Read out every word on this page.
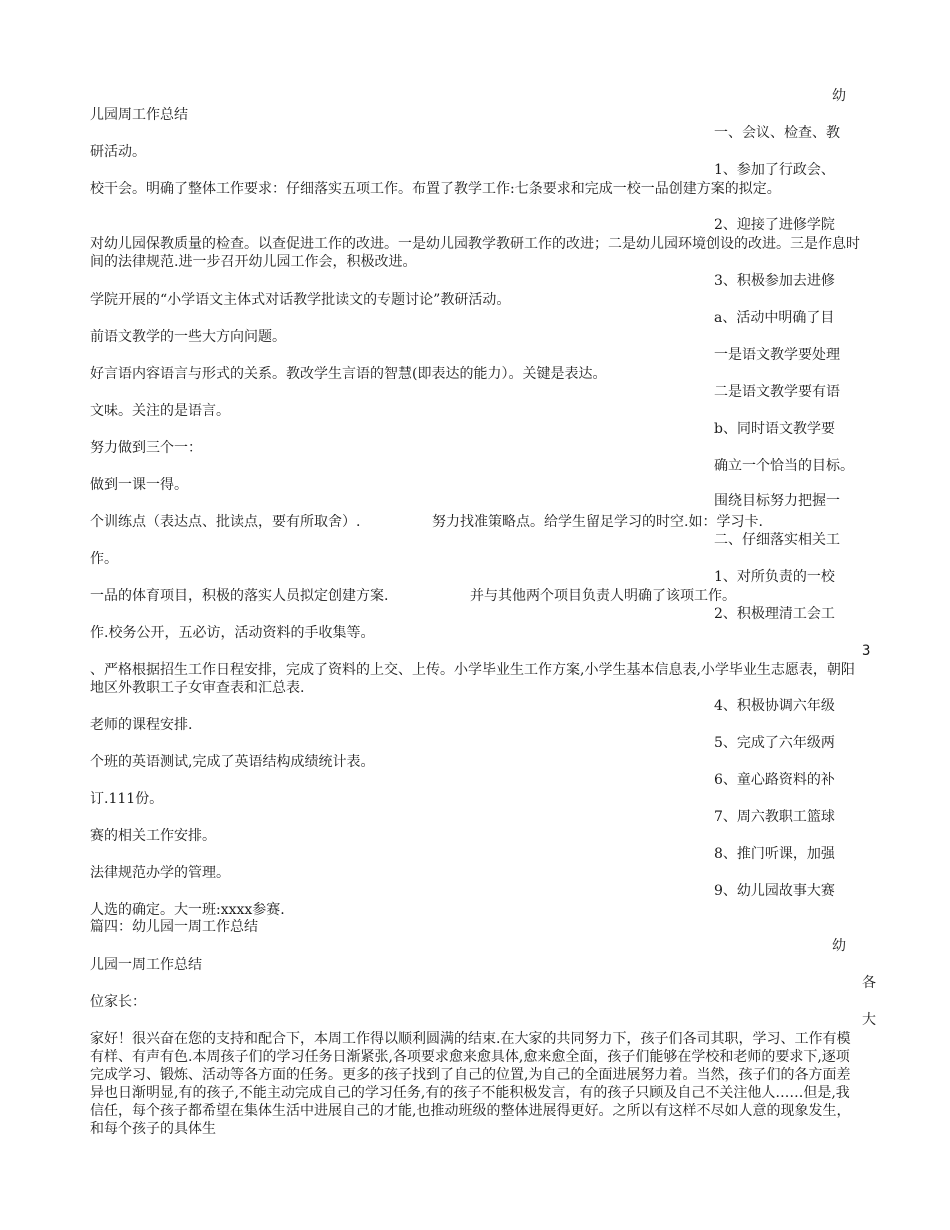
幼
一、会议、检查、教
1、参加了行政会、
2、迎接了进修学院
3、积极参加去进修
a、活动中明确了目
一是语文教学要处理
二是语文教学要有语
b、同时语文教学要
确立一个恰当的目标。
围绕目标努力把握一
二、仔细落实相关工
1、对所负责的一校
2、积极理清工会工
3
4、积极协调六年级
5、完成了六年级两
6、童心路资料的补
7、周六教职工篮球
8、推门听课，加强
9、幼儿园故事大赛
幼
各
大
儿园周工作总结
研活动。
校干会。明确了整体工作要求：仔细落实五项工作。布置了教学工作:七条要求和完成一校一品创建方案的拟定。
对幼儿园保教质量的检查。以查促进工作的改进。一是幼儿园教学教研工作的改进；二是幼儿园环境创设的改进。三是作息时间的法律规范.进一步召开幼儿园工作会，积极改进。
学院开展的“小学语文主体式对话教学批读文的专题讨论”教研活动。
前语文教学的一些大方向问题。
好言语内容语言与形式的关系。教改学生言语的智慧(即表达的能力）。关键是表达。
文味。关注的是语言。
努力做到三个一：
做到一课一得。
个训练点（表达点、批读点，要有所取舍）.	努力找准策略点。给学生留足学习的时空.如：学习卡.
作。
一品的体育项目，积极的落实人员拟定创建方案.	并与其他两个项目负责人明确了该项工作。
作.校务公开，五必访，活动资料的手收集等。
、严格根据招生工作日程安排，完成了资料的上交、上传。小学毕业生工作方案,小学生基本信息表,小学毕业生志愿表，朝阳地区外教职工子女审查表和汇总表.
老师的课程安排.
个班的英语测试,完成了英语结构成绩统计表。
订.111份。
赛的相关工作安排。
法律规范办学的管理。
人选的确定。大一班:xxxx参赛.
篇四：幼儿园一周工作总结
儿园一周工作总结
位家长：
家好！很兴奋在您的支持和配合下，本周工作得以顺利圆满的结束.在大家的共同努力下，孩子们各司其职，学习、工作有模有样、有声有色.本周孩子们的学习任务日渐紧张,各项要求愈来愈具体,愈来愈全面，孩子们能够在学校和老师的要求下,逐项完成学习、锻炼、活动等各方面的任务。更多的孩子找到了自己的位置,为自己的全面进展努力着。当然，孩子们的各方面差异也日渐明显,有的孩子,不能主动完成自己的学习任务,有的孩子不能积极发言，有的孩子只顾及自己不关注他人……但是,我信任，每个孩子都希望在集体生活中进展自己的才能,也推动班级的整体进展得更好。之所以有这样不尽如人意的现象发生，和每个孩子的具体生
